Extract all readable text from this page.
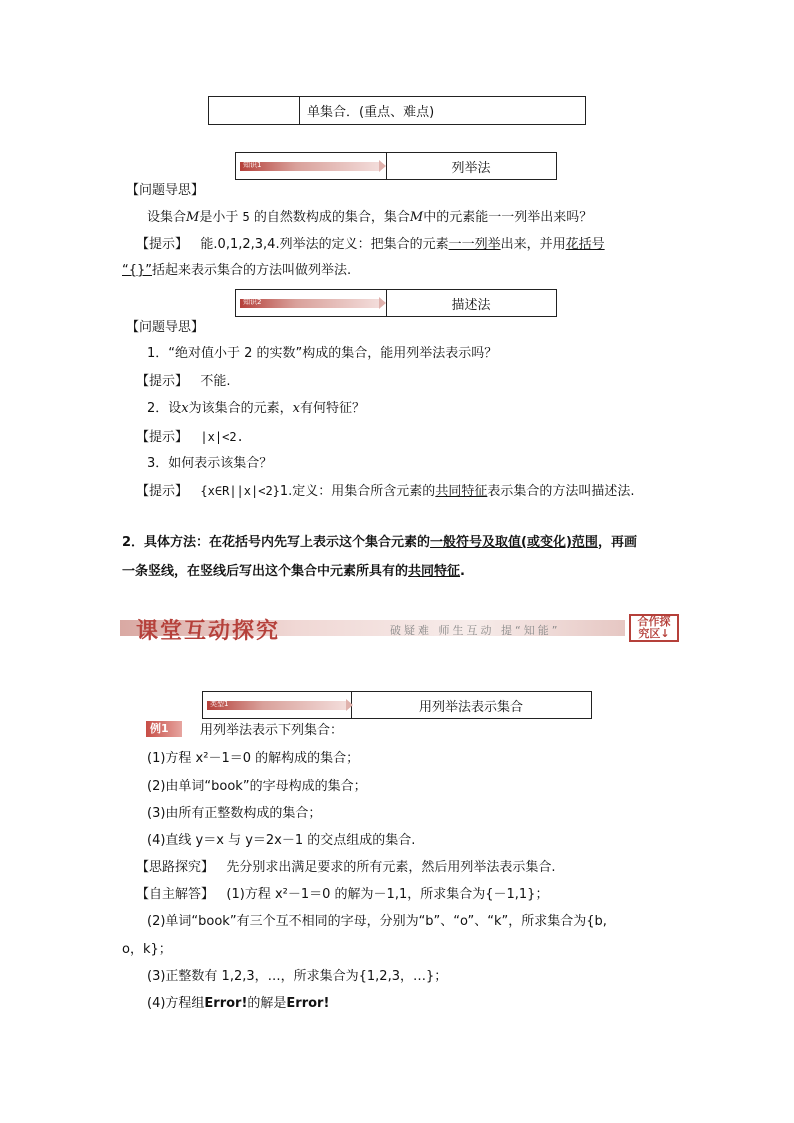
单集合．(重点、难点)
知识1	列举法
【问题导思】
设集合M是小于 5 的自然数构成的集合，集合M中的元素能一一列举出来吗？
【提示】 能.0,1,2,3,4.列举法的定义：把集合的元素一一列举出来，并用花括号
“{}”括起来表示集合的方法叫做列举法.
知识2	描述法
【问题导思】
1．“绝对值小于 2 的实数”构成的集合，能用列举法表示吗？
【提示】 不能.
2．设x为该集合的元素，x有何特征？
【提示】 |x|<2.
3．如何表示该集合？
【提示】 {x∈R||x|<2}1.定义：用集合所含元素的共同特征表示集合的方法叫描述法.
2．具体方法：在花括号内先写上表示这个集合元素的一般符号及取值(或变化)范围，再画
一条竖线，在竖线后写出这个集合中元素所具有的共同特征.
课堂互动探究	破疑难 师生互动 提“知能”
合作探
究区↓
类型1	用列举法表示集合
例1	用列举法表示下列集合：
(1)方程 x²－1＝0 的解构成的集合；
(2)由单词“book”的字母构成的集合；
(3)由所有正整数构成的集合；
(4)直线 y＝x 与 y＝2x－1 的交点组成的集合.
【思路探究】 先分别求出满足要求的所有元素，然后用列举法表示集合.
【自主解答】 (1)方程 x²－1＝0 的解为－1,1，所求集合为{－1,1}；
(2)单词“book”有三个互不相同的字母，分别为“b”、“o”、“k”，所求集合为{b,
o，k}；
(3)正整数有 1,2,3，…，所求集合为{1,2,3，…}；
(4)方程组Error!的解是Error!
